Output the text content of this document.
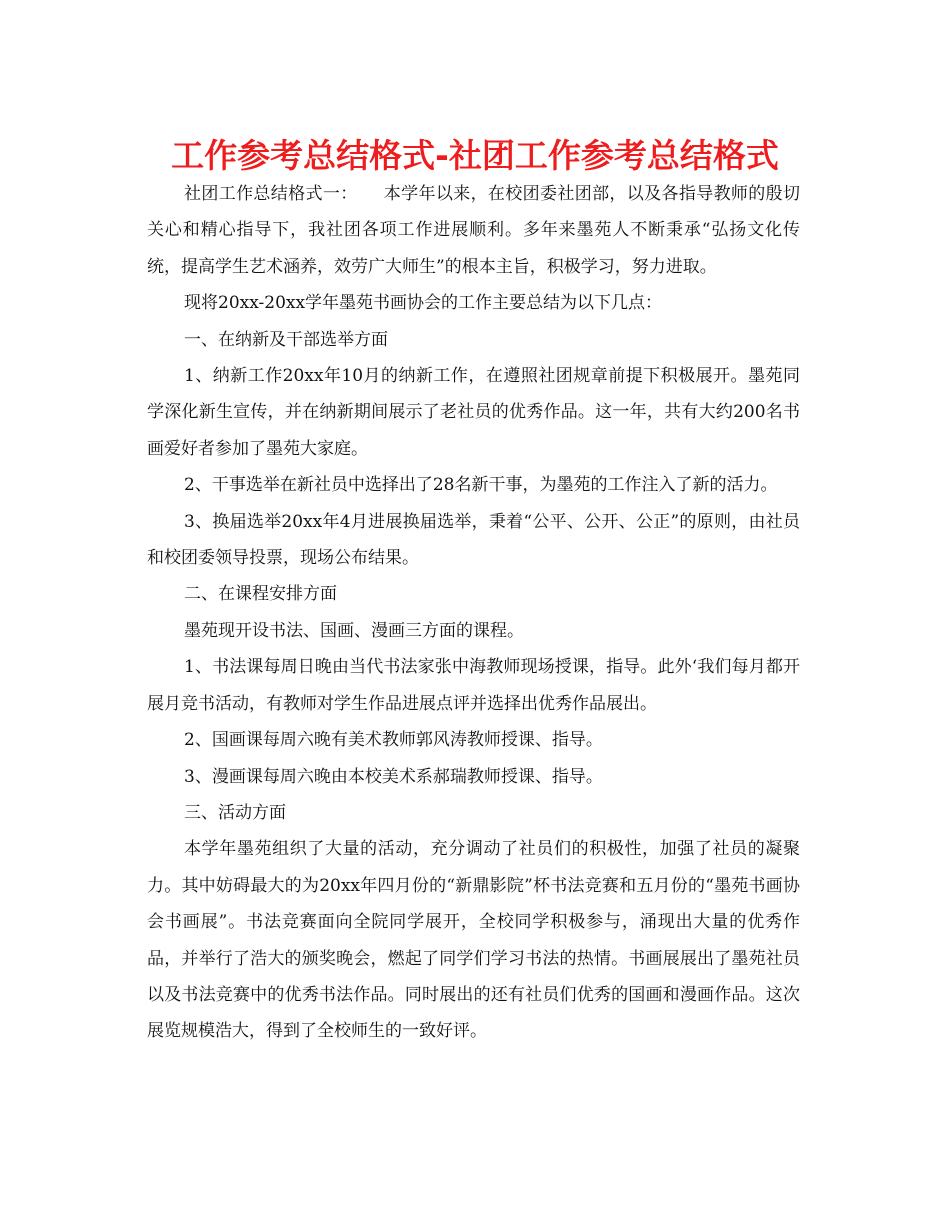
工作参考总结格式-社团工作参考总结格式

社团工作总结格式一：　　本学年以来，在校团委社团部，以及各指导教师的殷切关心和精心指导下，我社团各项工作进展顺利。多年来墨苑人不断秉承“弘扬文化传统，提高学生艺术涵养，效劳广大师生”的根本主旨，积极学习，努力进取。

现将20xx-20xx学年墨苑书画协会的工作主要总结为以下几点：

一、在纳新及干部选举方面

1、纳新工作20xx年10月的纳新工作，在遵照社团规章前提下积极展开。墨苑同学深化新生宣传，并在纳新期间展示了老社员的优秀作品。这一年，共有大约200名书画爱好者参加了墨苑大家庭。

2、干事选举在新社员中选择出了28名新干事，为墨苑的工作注入了新的活力。

3、换届选举20xx年4月进展换届选举，秉着“公平、公开、公正”的原则，由社员和校团委领导投票，现场公布结果。

二、在课程安排方面

墨苑现开设书法、国画、漫画三方面的课程。

1、书法课每周日晚由当代书法家张中海教师现场授课，指导。此外‘我们每月都开展月竞书活动，有教师对学生作品进展点评并选择出优秀作品展出。

2、国画课每周六晚有美术教师郭风涛教师授课、指导。

3、漫画课每周六晚由本校美术系郝瑞教师授课、指导。

三、活动方面

本学年墨苑组织了大量的活动，充分调动了社员们的积极性，加强了社员的凝聚力。其中妨碍最大的为20xx年四月份的“新鼎影院”杯书法竞赛和五月份的“墨苑书画协会书画展”。书法竞赛面向全院同学展开，全校同学积极参与，涌现出大量的优秀作品，并举行了浩大的颁奖晚会，燃起了同学们学习书法的热情。书画展展出了墨苑社员以及书法竞赛中的优秀书法作品。同时展出的还有社员们优秀的国画和漫画作品。这次展览规模浩大，得到了全校师生的一致好评。
